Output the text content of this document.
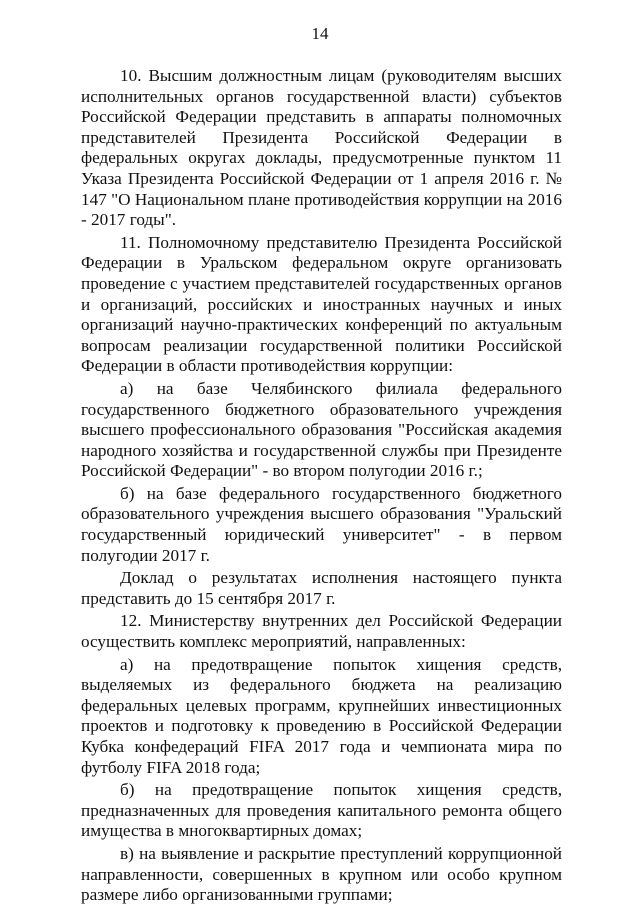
14

10. Высшим должностным лицам (руководителям высших исполнительных органов государственной власти) субъектов Российской Федерации представить в аппараты полномочных представителей Президента Российской Федерации в федеральных округах доклады, предусмотренные пунктом 11 Указа Президента Российской Федерации от 1 апреля 2016 г. № 147 "О Национальном плане противодействия коррупции на 2016 - 2017 годы".

11. Полномочному представителю Президента Российской Федерации в Уральском федеральном округе организовать проведение с участием представителей государственных органов и организаций, российских и иностранных научных и иных организаций научно-практических конференций по актуальным вопросам реализации государственной политики Российской Федерации в области противодействия коррупции:

а) на базе Челябинского филиала федерального государственного бюджетного образовательного учреждения высшего профессионального образования "Российская академия народного хозяйства и государственной службы при Президенте Российской Федерации" - во втором полугодии 2016 г.;

б) на базе федерального государственного бюджетного образовательного учреждения высшего образования "Уральский государственный юридический университет" - в первом полугодии 2017 г.

Доклад о результатах исполнения настоящего пункта представить до 15 сентября 2017 г.

12. Министерству внутренних дел Российской Федерации осуществить комплекс мероприятий, направленных:

а) на предотвращение попыток хищения средств, выделяемых из федерального бюджета на реализацию федеральных целевых программ, крупнейших инвестиционных проектов и подготовку к проведению в Российской Федерации Кубка конфедераций FIFA 2017 года и чемпионата мира по футболу FIFA 2018 года;

б) на предотвращение попыток хищения средств, предназначенных для проведения капитального ремонта общего имущества в многоквартирных домах;

в) на выявление и раскрытие преступлений коррупционной направленности, совершенных в крупном или особо крупном размере либо организованными группами;
